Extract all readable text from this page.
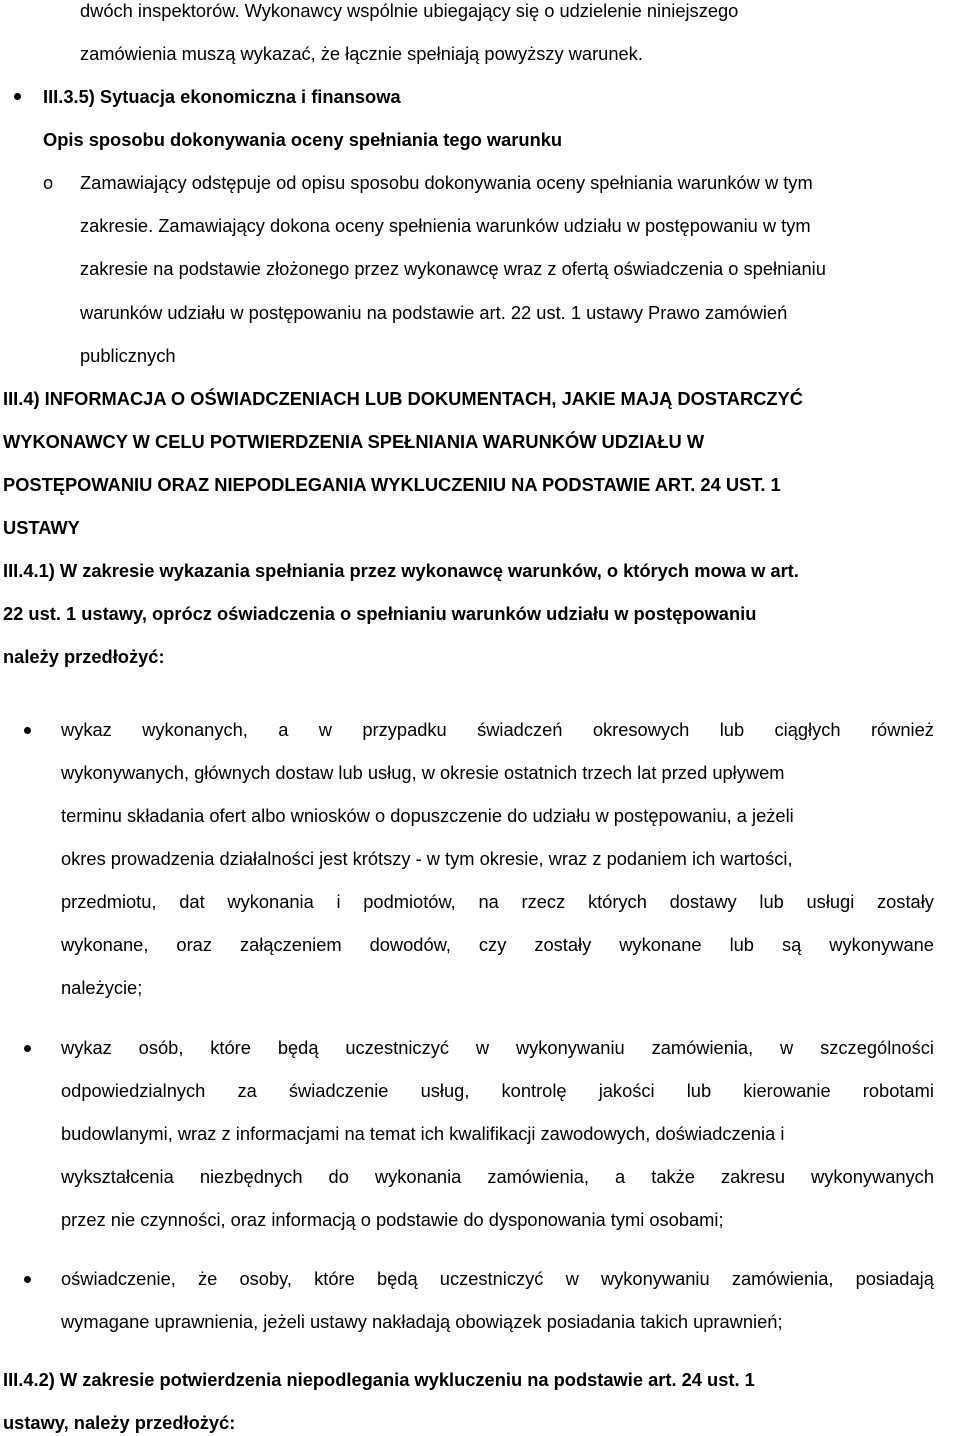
dwóch inspektorów. Wykonawcy wspólnie ubiegający się o udzielenie niniejszego
zamówienia muszą wykazać, że łącznie spełniają powyższy warunek.
III.3.5) Sytuacja ekonomiczna i finansowa
Opis sposobu dokonywania oceny spełniania tego warunku
o Zamawiający odstępuje od opisu sposobu dokonywania oceny spełniania warunków w tym
zakresie. Zamawiający dokona oceny spełnienia warunków udziału w postępowaniu w tym
zakresie na podstawie złożonego przez wykonawcę wraz z ofertą oświadczenia o spełnianiu
warunków udziału w postępowaniu na podstawie art. 22 ust. 1 ustawy Prawo zamówień
publicznych
III.4) INFORMACJA O OŚWIADCZENIACH LUB DOKUMENTACH, JAKIE MAJĄ DOSTARCZYĆ
WYKONAWCY W CELU POTWIERDZENIA SPEŁNIANIA WARUNKÓW UDZIAŁU W
POSTĘPOWANIU ORAZ NIEPODLEGANIA WYKLUCZENIU NA PODSTAWIE ART. 24 UST. 1
USTAWY
III.4.1) W zakresie wykazania spełniania przez wykonawcę warunków, o których mowa w art.
22 ust. 1 ustawy, oprócz oświadczenia o spełnianiu warunków udziału w postępowaniu
należy przedłożyć:
wykaz wykonanych, a w przypadku świadczeń okresowych lub ciągłych również
wykonywanych, głównych dostaw lub usług, w okresie ostatnich trzech lat przed upływem
terminu składania ofert albo wniosków o dopuszczenie do udziału w postępowaniu, a jeżeli
okres prowadzenia działalności jest krótszy - w tym okresie, wraz z podaniem ich wartości,
przedmiotu, dat wykonania i podmiotów, na rzecz których dostawy lub usługi zostały
wykonane, oraz załączeniem dowodów, czy zostały wykonane lub są wykonywane
należycie;
wykaz osób, które będą uczestniczyć w wykonywaniu zamówienia, w szczególności
odpowiedzialnych za świadczenie usług, kontrolę jakości lub kierowanie robotami
budowlanymi, wraz z informacjami na temat ich kwalifikacji zawodowych, doświadczenia i
wykształcenia niezbędnych do wykonania zamówienia, a także zakresu wykonywanych
przez nie czynności, oraz informacją o podstawie do dysponowania tymi osobami;
oświadczenie, że osoby, które będą uczestniczyć w wykonywaniu zamówienia, posiadają
wymagane uprawnienia, jeżeli ustawy nakładają obowiązek posiadania takich uprawnień;
III.4.2) W zakresie potwierdzenia niepodlegania wykluczeniu na podstawie art. 24 ust. 1
ustawy, należy przedłożyć:
